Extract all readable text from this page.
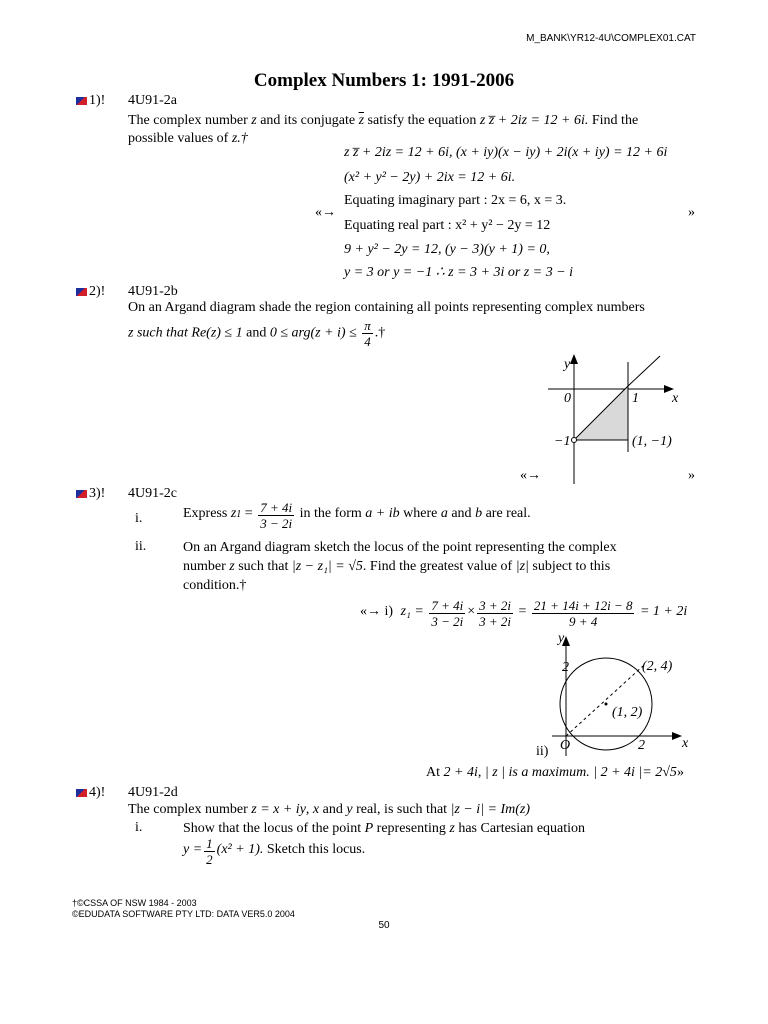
M_BANK\YR12-4U\COMPLEX01.CAT
Complex Numbers 1: 1991-2006
1)! 4U91-2a
The complex number z and its conjugate $\overline{z}$ satisfy the equation z z̅ + 2iz = 12 + 6i. Find the
possible values of z.†
«→
z z̅ + 2iz = 12 + 6i, (x + iy)(x − iy) + 2i(x + iy) = 12 + 6i
(x² + y² − 2y) + 2ix = 12 + 6i.
Equating imaginary part : 2x = 6, x = 3.
Equating real part : x² + y² − 2y = 12
9 + y² − 2y = 12, (y − 3)(y + 1) = 0,
y = 3 or y = −1 ∴ z = 3 + 3i or z = 3 − i
»
2)! 4U91-2b
On an Argand diagram shade the region containing all points representing complex numbers
z such that Re(z) ≤ 1 and $0 \le arg(z + i) \le \frac{\pi}{4}$ .†
y
x
0	1
−1	(1, −1)
«→	»
3)! 4U91-2c
i.	Express $z1 = \frac{7 + 4i}{3 - 2i}$ in the form a + ib where a and b are real.
ii.	On an Argand diagram sketch the locus of the point representing the complex
number z such that |z − z₁| = √5. Find the greatest value of |z| subject to this
condition.†
«→ i) $z_1 = \frac{7 + 4i}{3 - 2i} \times \frac{3 + 2i}{3 + 2i} = \frac{21 + 14i + 12i - 8}{9 + 4} = 1 + 2i$
y
x
O
2
2
(2, 4)
(1, 2)
ii)
At 2 + 4i, | z | is a maximum. | 2 + 4i |= 2√5»
4)! 4U91-2d
The complex number z = x + iy, x and y real, is such that |z − i| = Im(z)
i.	Show that the locus of the point P representing z has Cartesian equation
$y = \frac{1}{2} (x^2 + 1)$. Sketch this locus.
†©CSSA OF NSW 1984 - 2003
©EDUDATA SOFTWARE PTY LTD: DATA VER5.0 2004
50
